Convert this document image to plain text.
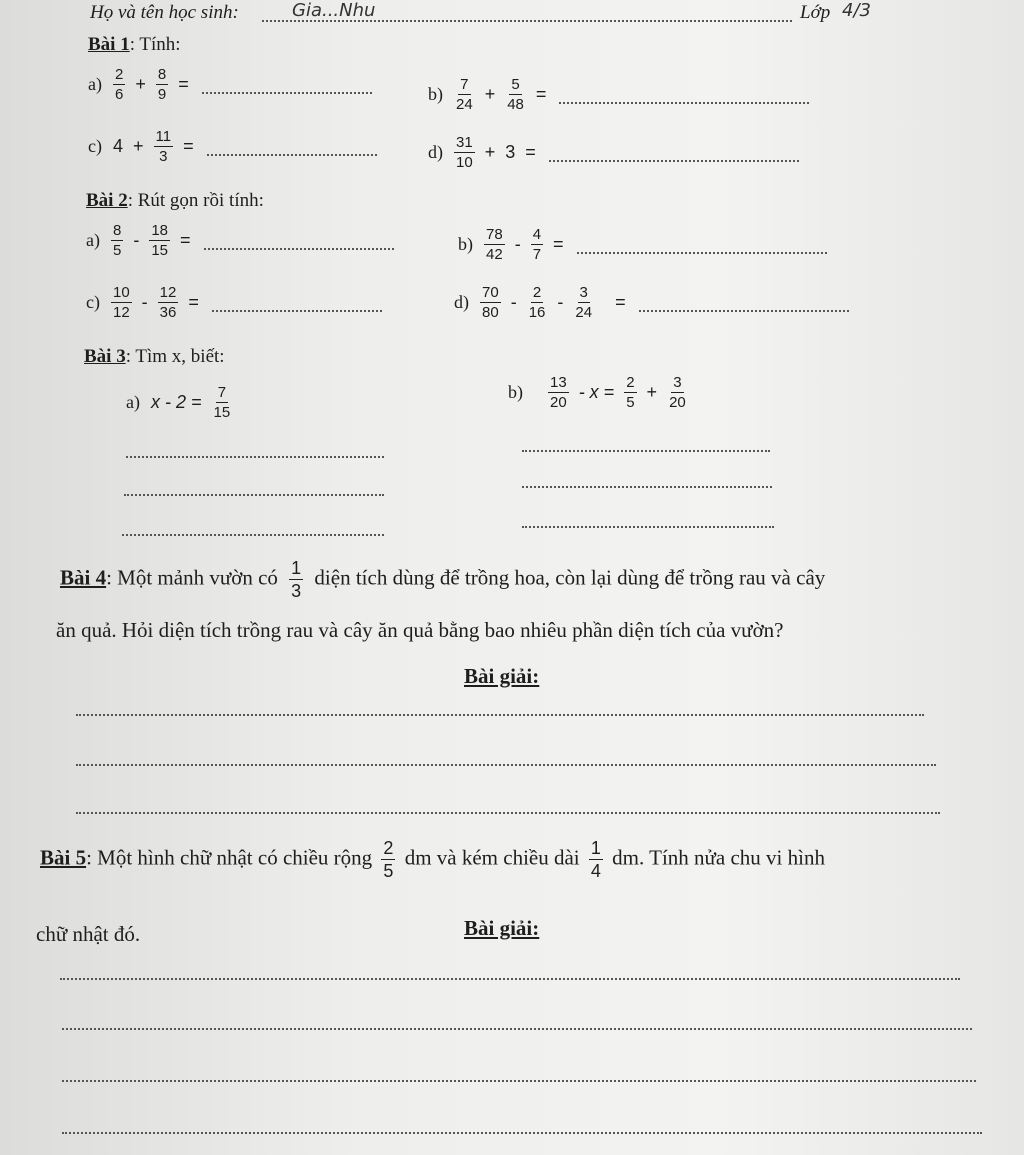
Họ và tên học sinh:	Gia...Nhu	Lớp 4/3
Bài 1: Tính:
$a) \frac{2}{6} + \frac{8}{9}$ =	$b) \frac{7}{24} + \frac{5}{48}$ =
c) $4 + \frac{11}{3}$ =	$d) \frac{31}{10} + 3$ =
Bài 2: Rút gọn rồi tính:
$a) \frac{8}{5} - \frac{18}{15}$ =	$b) \frac{78}{42} - \frac{4}{7}$ =
$c) \frac{10}{12} - \frac{12}{36}$ =	$d) \frac{70}{80} - \frac{2}{16} - \frac{3}{24}$ =
Bài 3: Tìm x, biết:
a) $x - 2 = \frac{7}{15}$	$b) \frac{13}{20} - x = \frac{2}{5} + \frac{3}{20}$
Bài 4: Một mảnh vườn có $\frac{1}{3}$ diện tích dùng để trồng hoa, còn lại dùng để trồng rau và cây
ăn quả. Hỏi diện tích trồng rau và cây ăn quả bằng bao nhiêu phần diện tích của vườn?
Bài giải:
Bài 5: Một hình chữ nhật có chiều rộng $\frac{2}{5}$ dm và kém chiều dài $\frac{1}{4}$ dm. Tính nửa chu vi hình
chữ nhật đó.	Bài giải:
